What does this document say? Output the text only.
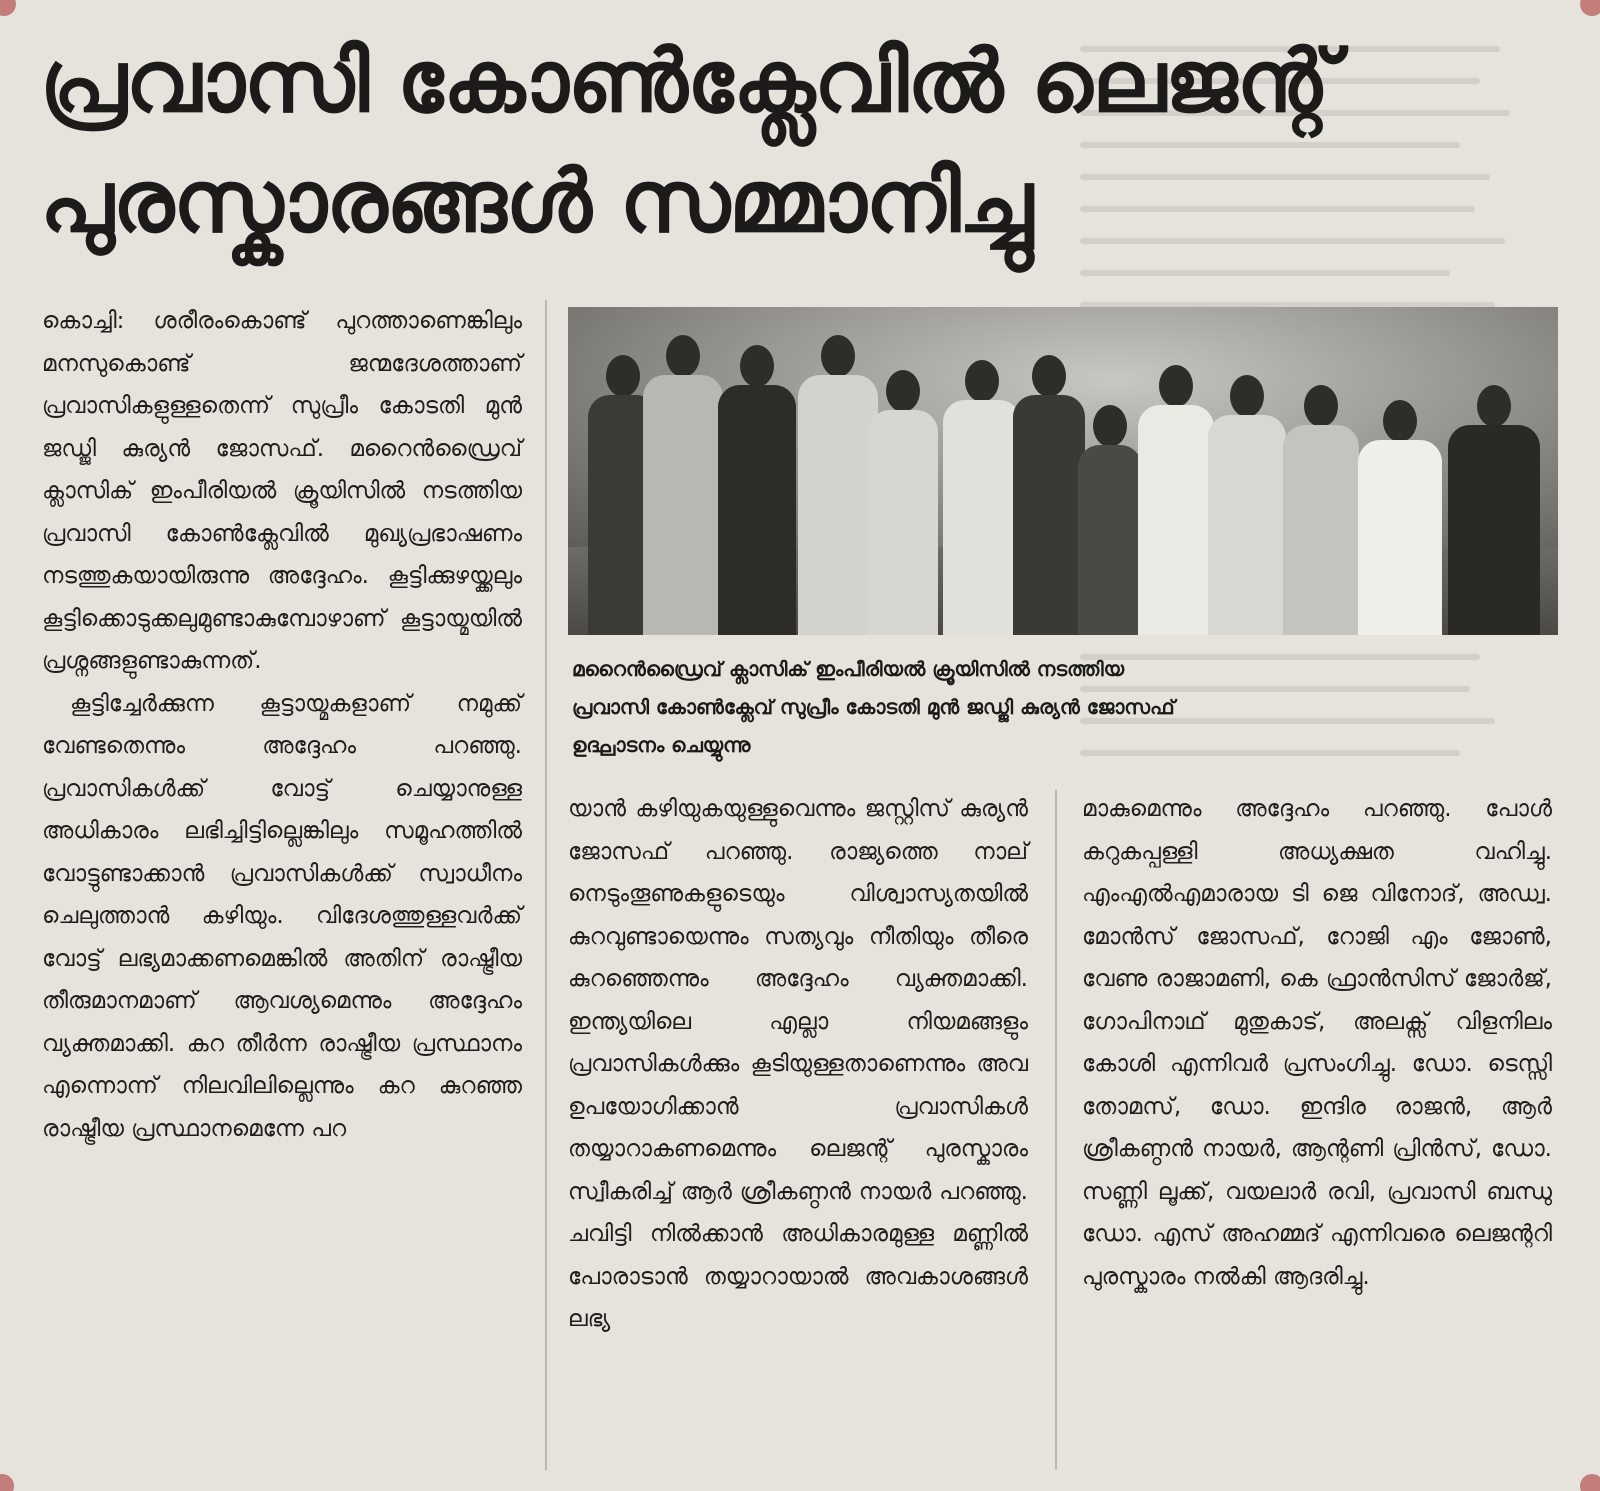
പ്രവാസി കോൺക്ലേവിൽ ലെജന്റ്
പുരസ്കാരങ്ങൾ സമ്മാനിച്ചു

കൊച്ചി: ശരീരംകൊണ്ട് പുറത്താണെങ്കിലും മനസുകൊണ്ട് ജന്മദേശത്താണ് പ്രവാസികളുള്ളതെന്ന് സുപ്രീം കോടതി മുൻ ജഡ്ജി കുര്യൻ ജോസഫ്. മറൈൻഡ്രൈവ് ക്ലാസിക് ഇംപീരിയൽ ക്രൂയിസിൽ നടത്തിയ പ്രവാസി കോൺക്ലേവിൽ മുഖ്യപ്രഭാഷണം നടത്തുകയായിരുന്നു അദ്ദേഹം. കൂട്ടിക്കുഴയ്ക്കലും കൂട്ടിക്കൊടുക്കലുമുണ്ടാകുമ്പോഴാണ് കൂട്ടായ്മയിൽ പ്രശ്നങ്ങളുണ്ടാകുന്നത്.

കൂട്ടിച്ചേർക്കുന്ന കൂട്ടായ്മകളാണ് നമുക്ക് വേണ്ടതെന്നും അദ്ദേഹം പറഞ്ഞു. പ്രവാസികൾക്ക് വോട്ട് ചെയ്യാനുള്ള അധികാരം ലഭിച്ചിട്ടില്ലെങ്കിലും സമൂഹത്തിൽ വോട്ടുണ്ടാക്കാൻ പ്രവാസികൾക്ക് സ്വാധീനം ചെലുത്താൻ കഴിയും. വിദേശത്തുള്ളവർക്ക് വോട്ട് ലഭ്യമാക്കണമെങ്കിൽ അതിന് രാഷ്ട്രീയ തീരുമാനമാണ് ആവശ്യമെന്നും അദ്ദേഹം വ്യക്തമാക്കി. കറ തീർന്ന രാഷ്ട്രീയ പ്രസ്ഥാനം എന്നൊന്ന് നിലവിലില്ലെന്നും കറ കുറഞ്ഞ രാഷ്ട്രീയ പ്രസ്ഥാനമെന്നേ പറ

മറൈൻഡ്രൈവ് ക്ലാസിക് ഇംപീരിയൽ ക്രൂയിസിൽ നടത്തിയ
പ്രവാസി കോൺക്ലേവ് സുപ്രീം കോടതി മുൻ ജഡ്ജി കുര്യൻ ജോസഫ്
ഉദ്ഘാടനം ചെയ്യുന്നു

യാൻ കഴിയുകയുള്ളുവെന്നും ജസ്റ്റിസ് കുര്യൻ ജോസഫ് പറഞ്ഞു. രാജ്യത്തെ നാല് നെടുംതൂണുകളുടെയും വിശ്വാസ്യതയിൽ കുറവുണ്ടായെന്നും സത്യവും നീതിയും തീരെ കുറഞ്ഞെന്നും അദ്ദേഹം വ്യക്തമാക്കി. ഇന്ത്യയിലെ എല്ലാ നിയമങ്ങളും പ്രവാസികൾക്കും കൂടിയുള്ളതാണെന്നും അവ ഉപയോഗിക്കാൻ പ്രവാസികൾ തയ്യാറാകണമെന്നും ലെജന്റ് പുരസ്കാരം സ്വീകരിച്ച് ആർ ശ്രീകണ്ഠൻ നായർ പറഞ്ഞു. ചവിട്ടി നിൽക്കാൻ അധികാരമുള്ള മണ്ണിൽ പോരാടാൻ തയ്യാറായാൽ അവകാശങ്ങൾ ലഭ്യ

മാകുമെന്നും അദ്ദേഹം പറഞ്ഞു. പോൾ കറുകപ്പള്ളി അധ്യക്ഷത വഹിച്ചു. എംഎൽഎമാരായ ടി ജെ വിനോദ്, അഡ്വ. മോൻസ് ജോസഫ്, റോജി എം ജോൺ, വേണു രാജാമണി, കെ ഫ്രാൻസിസ് ജോർജ്, ഗോപിനാഥ് മുതുകാട്, അലക്സ് വിളനിലം കോശി എന്നിവർ പ്രസംഗിച്ചു. ഡോ. ടെസ്സി തോമസ്, ഡോ. ഇന്ദിര രാജൻ, ആർ ശ്രീകണ്ഠൻ നായർ, ആന്റണി പ്രിൻസ്, ഡോ. സണ്ണി ലൂക്ക്, വയലാർ രവി, പ്രവാസി ബന്ധു ഡോ. എസ് അഹമ്മദ് എന്നിവരെ ലെജന്ററി പുരസ്കാരം നൽകി ആദരിച്ചു.
